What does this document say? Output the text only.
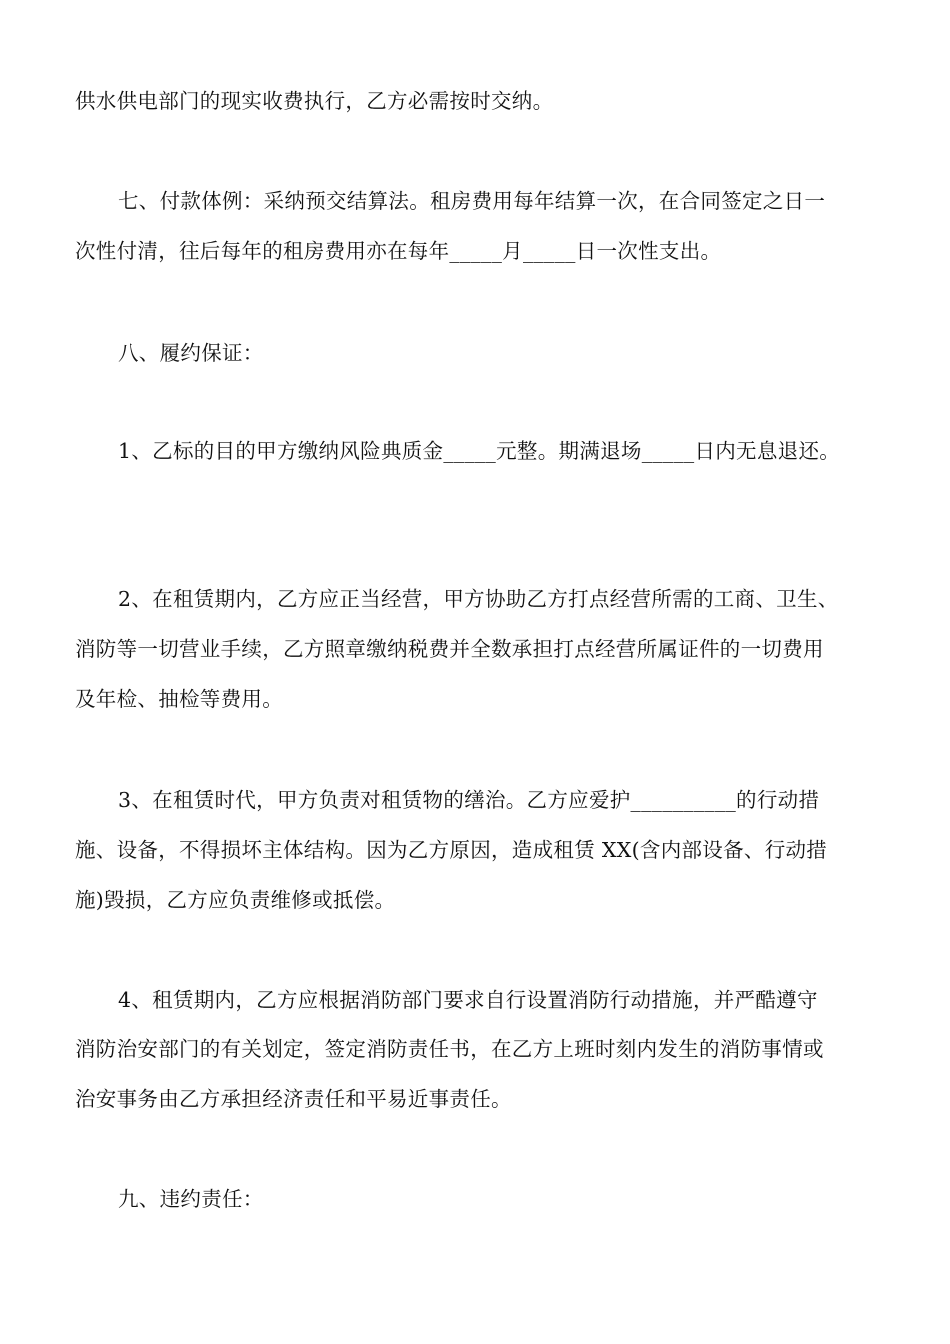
供水供电部门的现实收费执行，乙方必需按时交纳。

七、付款体例：采纳预交结算法。租房费用每年结算一次，在合同签定之日一

次性付清，往后每年的租房费用亦在每年_____月_____日一次性支出。

八、履约保证：

1、乙标的目的甲方缴纳风险典质金_____元整。期满退场_____日内无息退还。

2、在租赁期内，乙方应正当经营，甲方协助乙方打点经营所需的工商、卫生、

消防等一切营业手续，乙方照章缴纳税费并全数承担打点经营所属证件的一切费用

及年检、抽检等费用。

3、在租赁时代，甲方负责对租赁物的缮治。乙方应爱护__________的行动措

施、设备，不得损坏主体结构。因为乙方原因，造成租赁 XX(含内部设备、行动措

施)毁损，乙方应负责维修或抵偿。

4、租赁期内，乙方应根据消防部门要求自行设置消防行动措施，并严酷遵守

消防治安部门的有关划定，签定消防责任书，在乙方上班时刻内发生的消防事情或

治安事务由乙方承担经济责任和平易近事责任。

九、违约责任：
